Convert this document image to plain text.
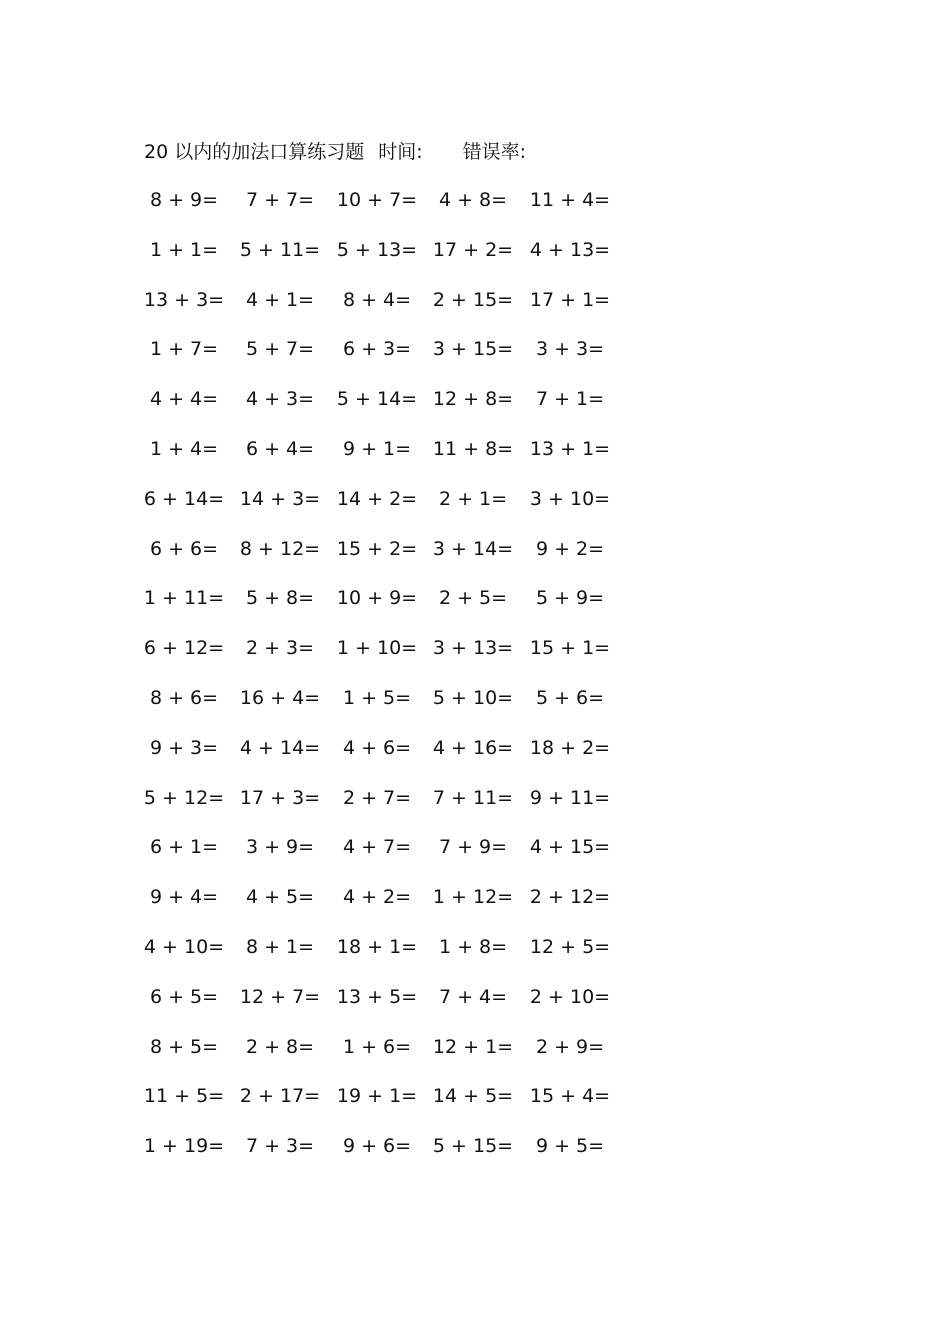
20 以内的加法口算练习题 时间: 错误率:
8 + 9=	7 + 7=	10 + 7=	4 + 8=	11 + 4=
1 + 1=	5 + 11= 5 + 13= 17 + 2= 4 + 13=
13 + 3=	4 + 1=	8 + 4=	2 + 15= 17 + 1=
1 + 7=	5 + 7=	6 + 3=	3 + 15=	3 + 3=
4 + 4=	4 + 3=	5 + 14= 12 + 8=	7 + 1=
1 + 4=	6 + 4=	9 + 1=	11 + 8= 13 + 1=
6 + 14= 14 + 3= 14 + 2=	2 + 1=	3 + 10=
6 + 6=	8 + 12= 15 + 2= 3 + 14=	9 + 2=
1 + 11=	5 + 8=	10 + 9=	2 + 5=	5 + 9=
6 + 12=	2 + 3=	1 + 10= 3 + 13= 15 + 1=
8 + 6=	16 + 4=	1 + 5=	5 + 10=	5 + 6=
9 + 3=	4 + 14=	4 + 6=	4 + 16= 18 + 2=
5 + 12= 17 + 3=	2 + 7=	7 + 11= 9 + 11=
6 + 1=	3 + 9=	4 + 7=	7 + 9=	4 + 15=
9 + 4=	4 + 5=	4 + 2=	1 + 12= 2 + 12=
4 + 10=	8 + 1=	18 + 1=	1 + 8=	12 + 5=
6 + 5=	12 + 7= 13 + 5=	7 + 4=	2 + 10=
8 + 5=	2 + 8=	1 + 6=	12 + 1=	2 + 9=
11 + 5= 2 + 17= 19 + 1= 14 + 5= 15 + 4=
1 + 19=	7 + 3=	9 + 6=	5 + 15=	9 + 5=
